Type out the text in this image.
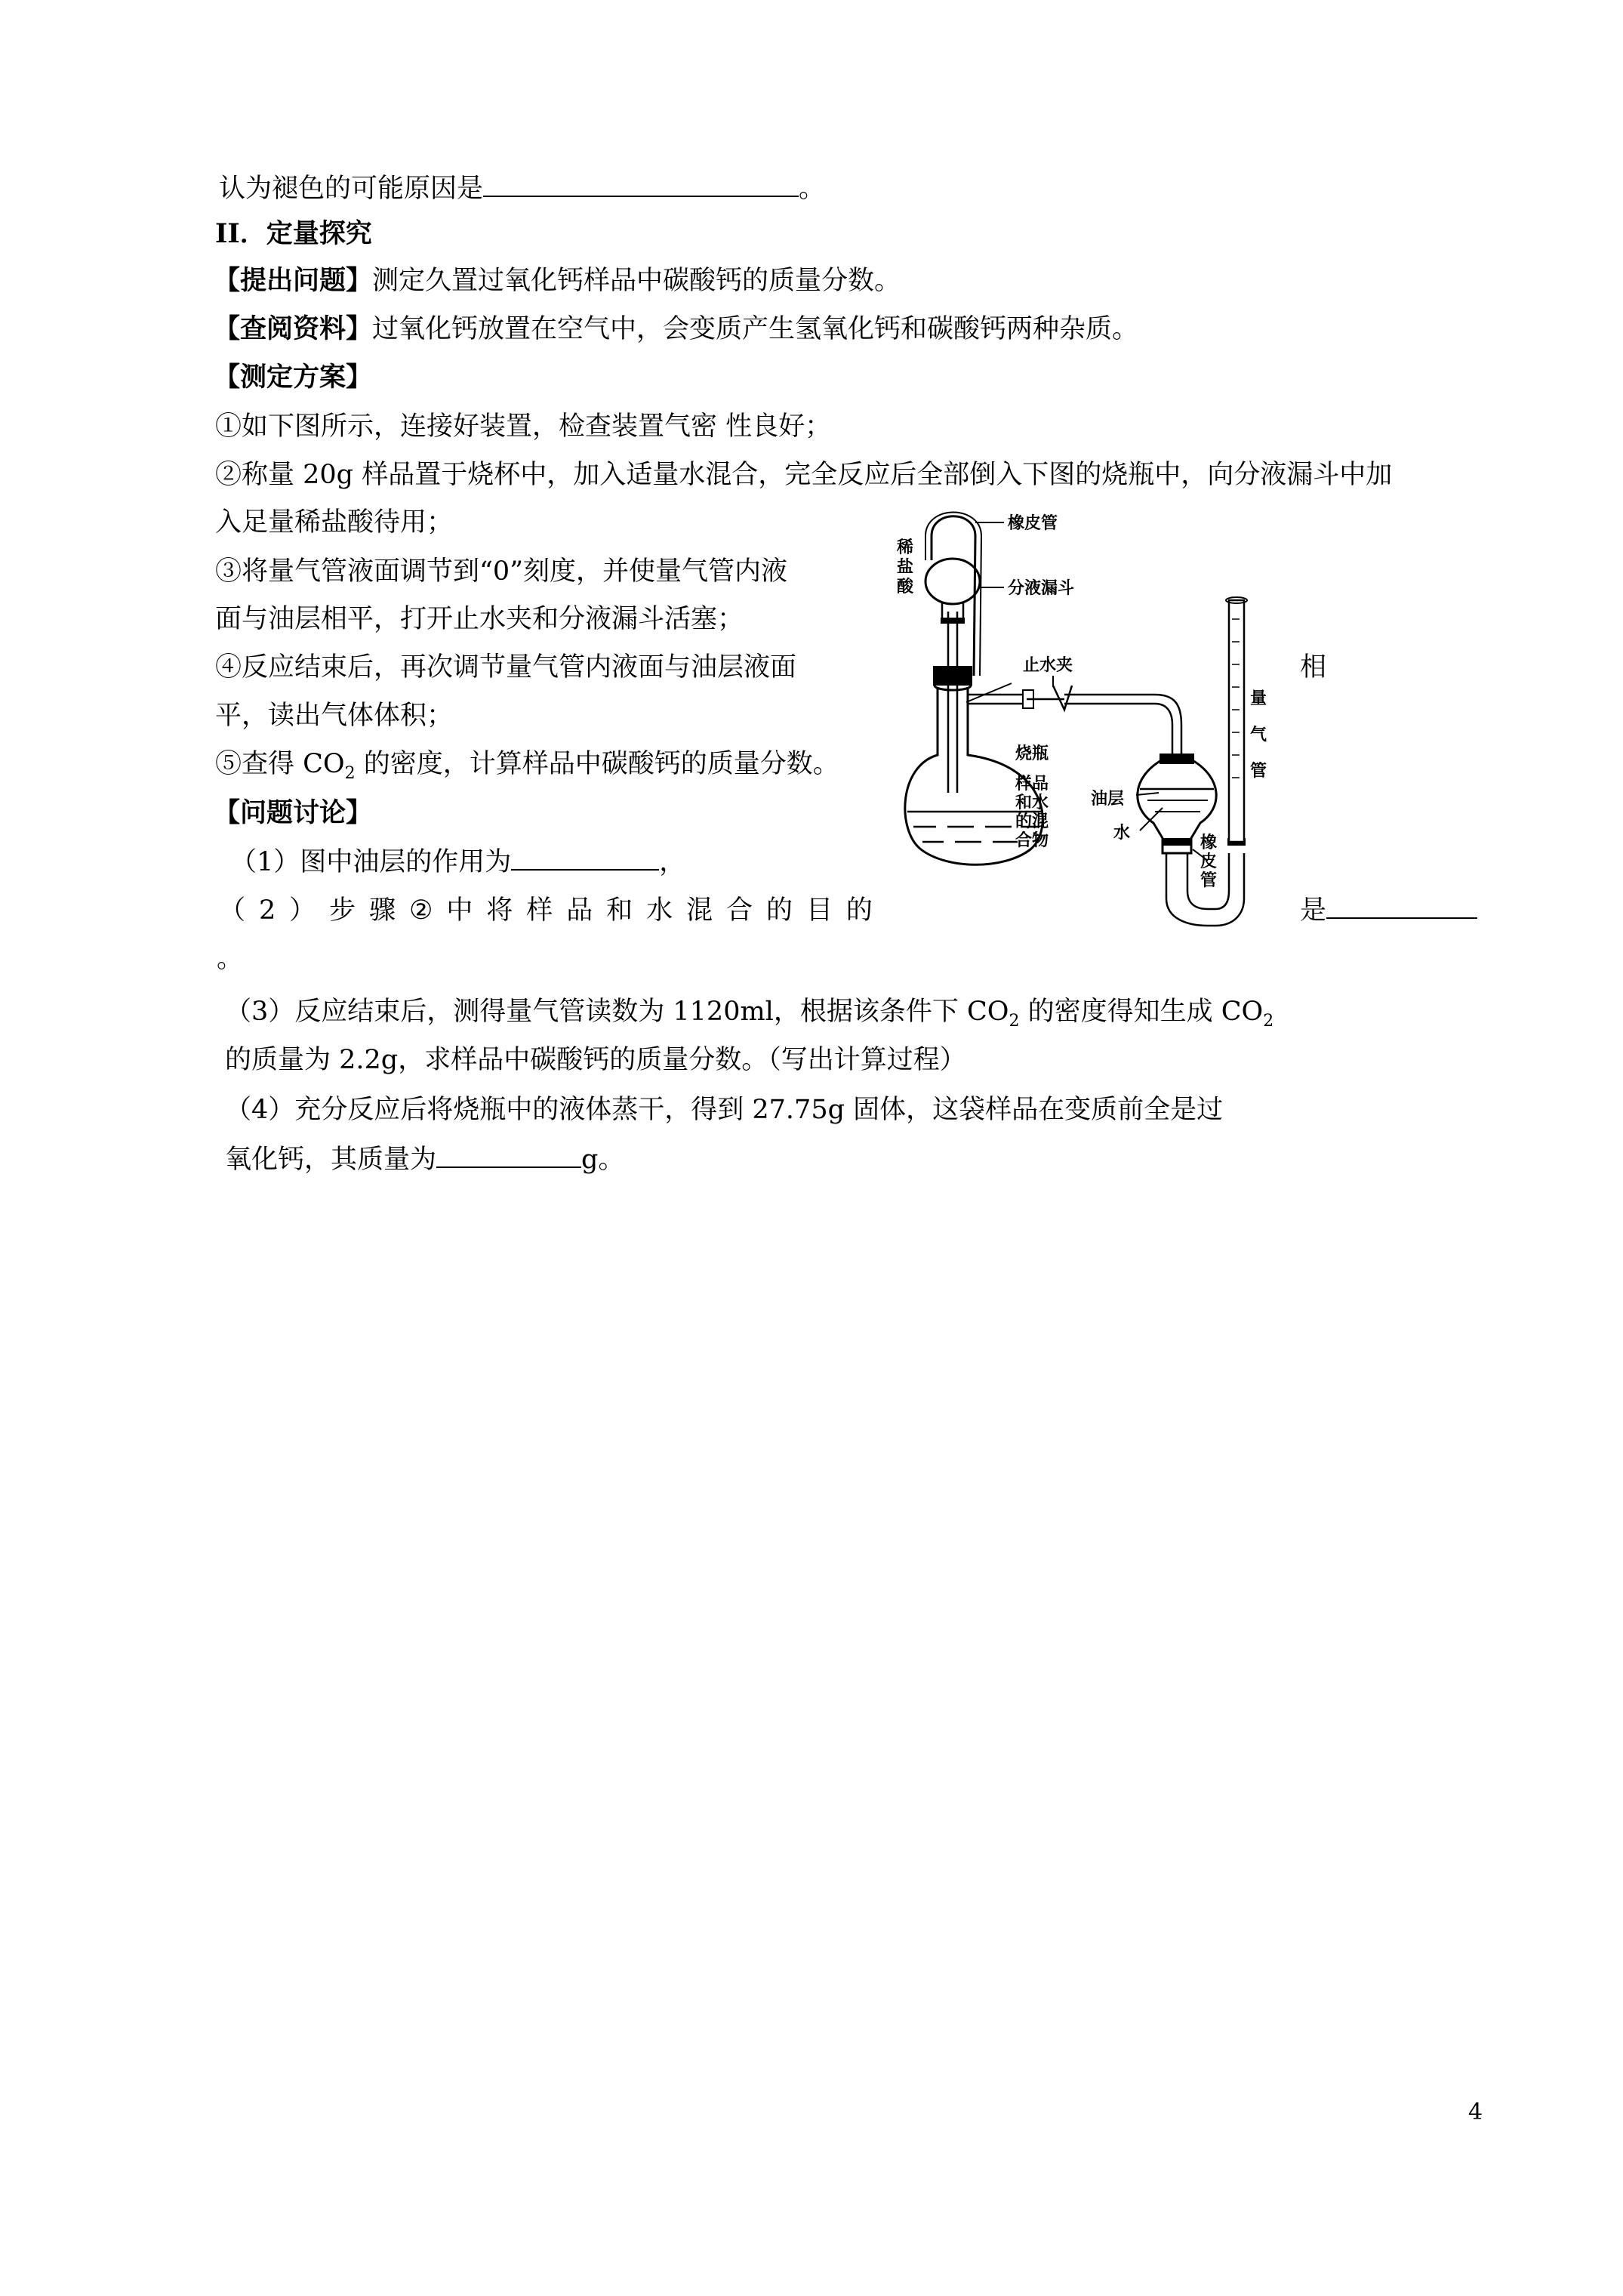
认为褪色的可能原因是	。
II．定量探究
【提出问题】测定久置过氧化钙样品中碳酸钙的质量分数。
【查阅资料】过氧化钙放置在空气中，会变质产生氢氧化钙和碳酸钙两种杂质。
【测定方案】
①如下图所示，连接好装置，检查装置气密 性良好；
②称量 20g 样品置于烧杯中，加入适量水混合，完全反应后全部倒入下图的烧瓶中，向分液漏斗中加
入足量稀盐酸待用；
③将量气管液面调节到“0”刻度，并使量气管内液
面与油层相平，打开止水夹和分液漏斗活塞；
④反应结束后，再次调节量气管内液面与油层液面	相
平，读出气体体积；
⑤查得 $CO_2$ 的密度，计算样品中碳酸钙的质量分数。
【问题讨论】
（1）图中油层的作用为	，
（ 2 ） 步 骤 ② 中 将 样 品 和 水 混 合 的 目 的	是
。
（3）反应结束后，测得量气管读数为 1120ml，根据该条件下 $CO_2$ 的密度得知生成 $CO_2$
的质量为 2.2g，求样品中碳酸钙的质量分数。（写出计算过程）
（4）充分反应后将烧瓶中的液体蒸干，得到 27.75g 固体，这袋样品在变质前全是过
氧化钙，其质量为	g。
橡皮管
稀
盐
酸	分液漏斗
止水夹
量
气
管
烧瓶
样品
和水
的混
合物
油层
水
橡
皮
管
4
